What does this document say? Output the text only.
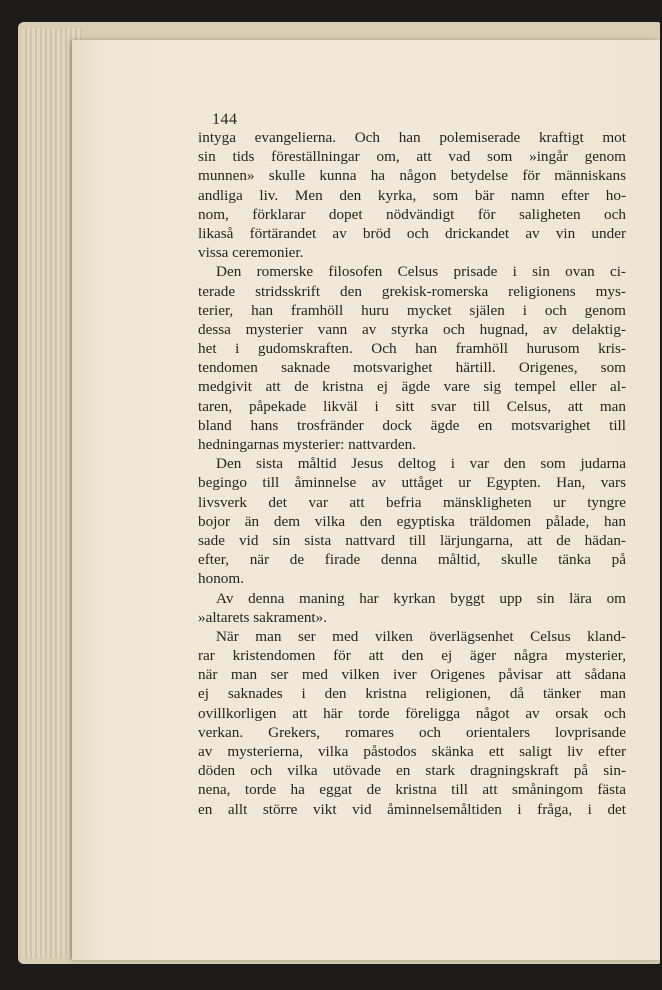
144
intyga evangelierna. Och han polemiserade kraftigt mot
sin tids föreställningar om, att vad som »ingår genom
munnen» skulle kunna ha någon betydelse för människans
andliga liv. Men den kyrka, som bär namn efter ho-
nom, förklarar dopet nödvändigt för saligheten och
likaså förtärandet av bröd och drickandet av vin under
vissa ceremonier.
Den romerske filosofen Celsus prisade i sin ovan ci-
terade stridsskrift den grekisk-romerska religionens mys-
terier, han framhöll huru mycket själen i och genom
dessa mysterier vann av styrka och hugnad, av delaktig-
het i gudomskraften. Och han framhöll hurusom kris-
tendomen saknade motsvarighet härtill. Origenes, som
medgivit att de kristna ej ägde vare sig tempel eller al-
taren, påpekade likväl i sitt svar till Celsus, att man
bland hans trosfränder dock ägde en motsvarighet till
hedningarnas mysterier: nattvarden.
Den sista måltid Jesus deltog i var den som judarna
begingo till åminnelse av uttåget ur Egypten. Han, vars
livsverk det var att befria mänskligheten ur tyngre
bojor än dem vilka den egyptiska träldomen pålade, han
sade vid sin sista nattvard till lärjungarna, att de hädan-
efter, när de firade denna måltid, skulle tänka på
honom.
Av denna maning har kyrkan byggt upp sin lära om
»altarets sakrament».
När man ser med vilken överlägsenhet Celsus kland-
rar kristendomen för att den ej äger några mysterier,
när man ser med vilken iver Origenes påvisar att sådana
ej saknades i den kristna religionen, då tänker man
ovillkorligen att här torde föreligga något av orsak och
verkan. Grekers, romares och orientalers lovprisande
av mysterierna, vilka påstodos skänka ett saligt liv efter
döden och vilka utövade en stark dragningskraft på sin-
nena, torde ha eggat de kristna till att småningom fästa
en allt större vikt vid åminnelsemåltiden i fråga, i det
